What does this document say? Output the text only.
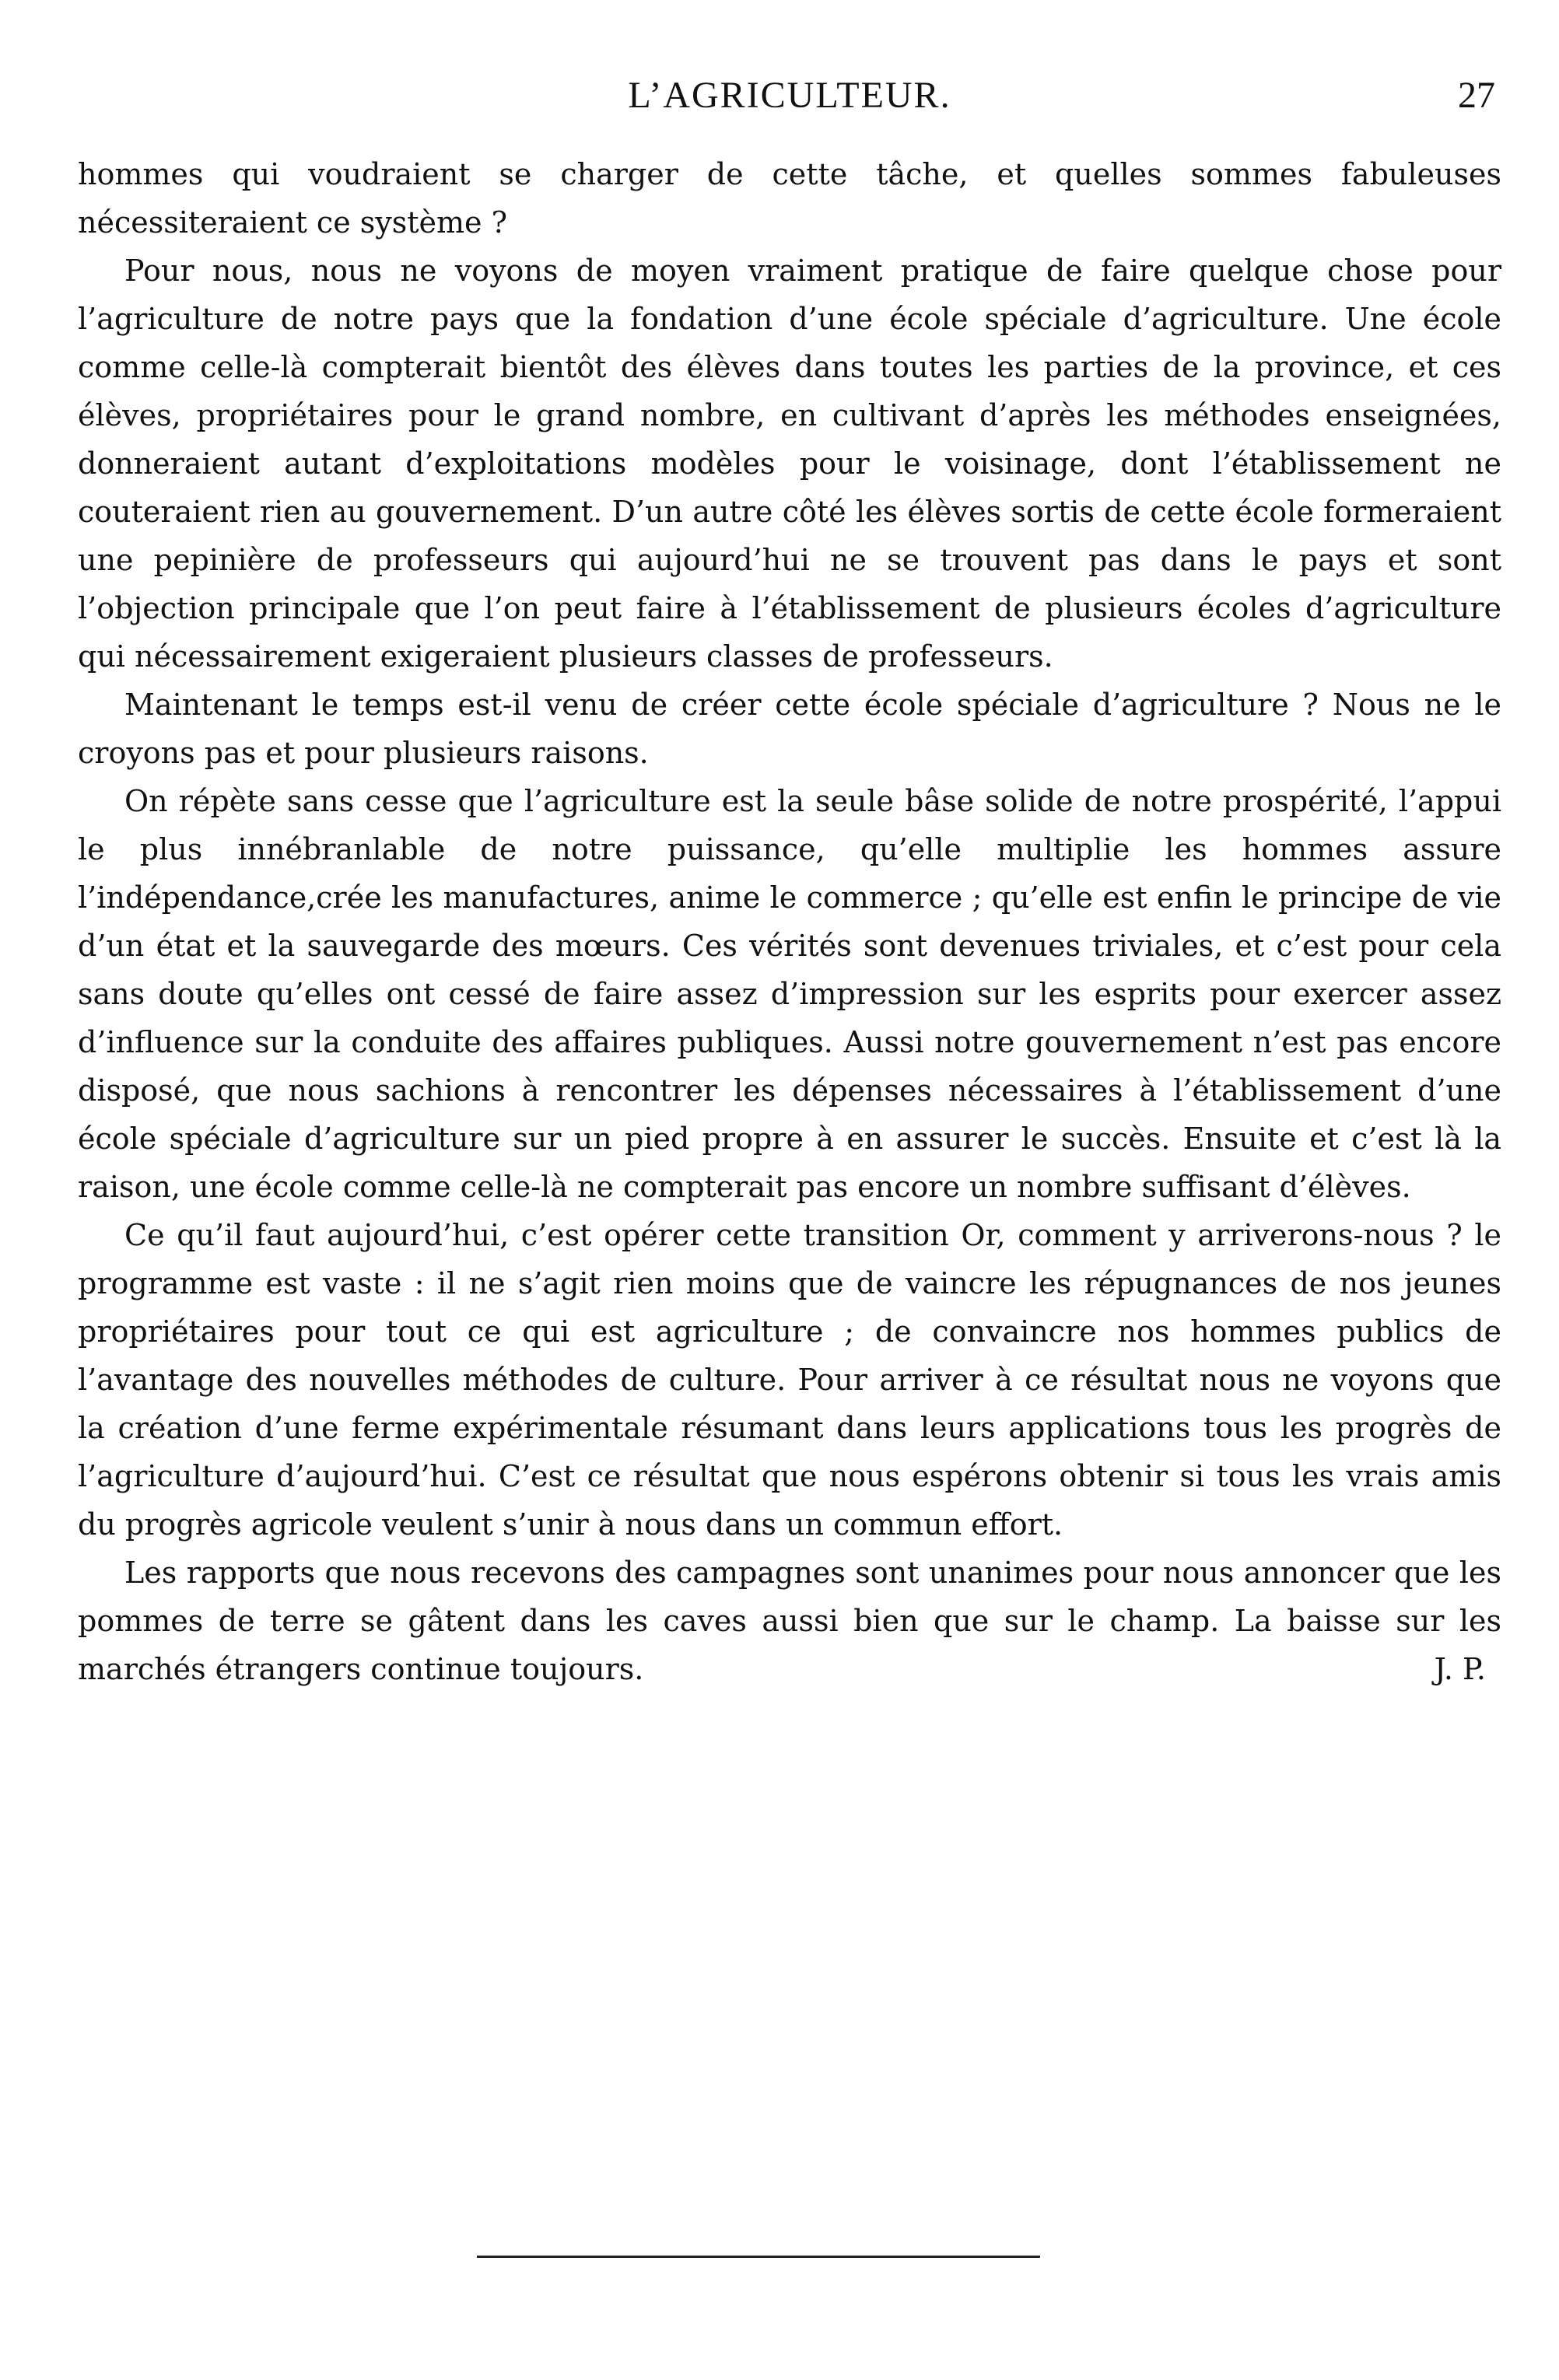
L’AGRICULTEUR.	27

hommes qui voudraient se charger de cette tâche, et quelles sommes fabuleuses nécessiteraient ce système ?

Pour nous, nous ne voyons de moyen vraiment pratique de faire quelque chose pour l’agriculture de notre pays que la fondation d’une école spéciale d’agriculture. Une école comme celle-là compterait bientôt des élèves dans toutes les parties de la province, et ces élèves, propriétaires pour le grand nombre, en cultivant d’après les méthodes enseignées, donneraient autant d’exploitations modèles pour le voisinage, dont l’établissement ne couteraient rien au gouvernement. D’un autre côté les élèves sortis de cette école formeraient une pepinière de professeurs qui aujourd’hui ne se trouvent pas dans le pays et sont l’objection principale que l’on peut faire à l’établissement de plusieurs écoles d’agriculture qui nécessairement exigeraient plusieurs classes de professeurs.

Maintenant le temps est-il venu de créer cette école spéciale d’agriculture ? Nous ne le croyons pas et pour plusieurs raisons.

On répète sans cesse que l’agriculture est la seule bâse solide de notre prospérité, l’appui le plus innébranlable de notre puissance, qu’elle multiplie les hommes assure l’indépendance,crée les manufactures, anime le commerce ; qu’elle est enfin le principe de vie d’un état et la sauvegarde des mœurs. Ces vérités sont devenues triviales, et c’est pour cela sans doute qu’elles ont cessé de faire assez d’impression sur les esprits pour exercer assez d’influence sur la conduite des affaires publiques. Aussi notre gouvernement n’est pas encore disposé, que nous sachions à rencontrer les dépenses nécessaires à l’établissement d’une école spéciale d’agriculture sur un pied propre à en assurer le succès. Ensuite et c’est là la raison, une école comme celle-là ne compterait pas encore un nombre suffisant d’élèves.

Ce qu’il faut aujourd’hui, c’est opérer cette transition Or, comment y arriverons-nous ? le programme est vaste : il ne s’agit rien moins que de vaincre les répugnances de nos jeunes propriétaires pour tout ce qui est agriculture ; de convaincre nos hommes publics de l’avantage des nouvelles méthodes de culture. Pour arriver à ce résultat nous ne voyons que la création d’une ferme expérimentale résumant dans leurs applications tous les progrès de l’agriculture d’aujourd’hui. C’est ce résultat que nous espérons obtenir si tous les vrais amis du progrès agricole veulent s’unir à nous dans un commun effort.

Les rapports que nous recevons des campagnes sont unanimes pour nous annoncer que les pommes de terre se gâtent dans les caves aussi bien que sur le champ. La baisse sur les marchés étrangers continue toujours.	J. P.
